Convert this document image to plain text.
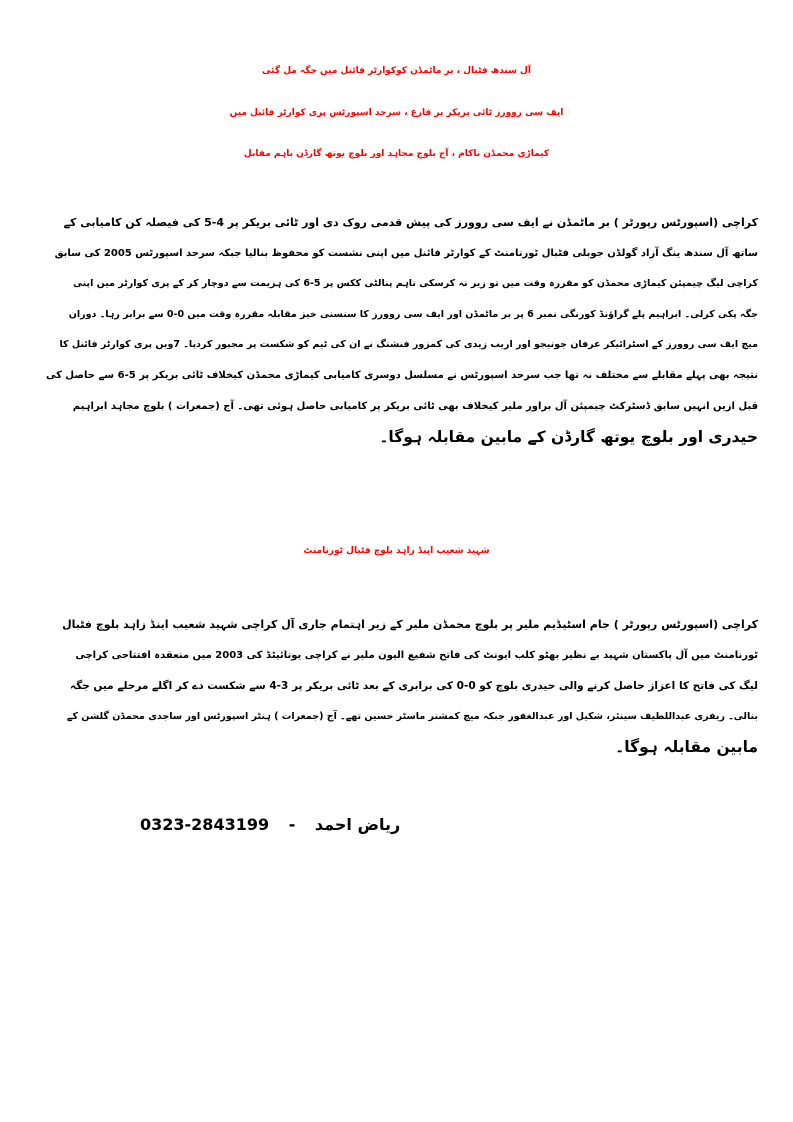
آل سندھ فٹبال ، بر ماٹمڈن کوکوارٹر فائنل میں جگہ مل گئی
ایف سی روورز ٹائی بریکر پر فارغ ، سرحد اسپورٹس پری کوارٹر فائنل میں
کیماڑی محمڈن ناکام ، آج بلوچ مجاہد اور بلوچ یوتھ گارڈن باہم مقابل
کراچی (اسپورٹس رپورٹر ) بر ماٹمڈن نے ایف سی روورز کی پیش قدمی روک دی اور ٹائی بریکر پر 4-5 کی فیصلہ کن کامیابی کے
ساتھ آل سندھ ینگ آزاد گولڈن جوبلی فٹبال ٹورنامنٹ کے کوارٹر فائنل میں اپنی نشست کو محفوظ بنالیا جبکہ سرحد اسپورٹس 2005 کی سابق
کراچی لیگ چیمپئن کیماڑی محمڈن کو مقررہ وقت میں تو زیر نہ کرسکی تاہم پنالٹی ککس پر 5-6 کی ہزیمت سے دوچار کر کے پری کوارٹر میں اپنی
جگہ پکی کرلی۔ ابراہیم پلے گراؤنڈ کورنگی نمبر 6 پر بر ماٹمڈن اور ایف سی روورز کا سنسنی خیز مقابلہ مقررہ وقت میں 0-0 سے برابر رہا۔ دوران
میچ ایف سی روورز کے اسٹرائیکر عرفان جونیجو اور اریب زیدی کی کمزور فنشنگ نے ان کی ٹیم کو شکست پر مجبور کردیا۔ 7ویں پری کوارٹر فائنل کا
نتیجہ بھی پہلے مقابلے سے مختلف نہ تھا جب سرحد اسپورٹس نے مسلسل دوسری کامیابی کیماڑی محمڈن کیخلاف ٹائی بریکر پر 5-6 سے حاصل کی
قبل ازیں انہیں سابق ڈسٹرکٹ چیمپئن آل براور ملیر کیخلاف بھی ٹائی بریکر پر کامیابی حاصل ہوئی تھی۔ آج (جمعرات ) بلوچ مجاہد ابراہیم
حیدری اور بلوچ یوتھ گارڈن کے مابین مقابلہ ہوگا۔
شہید شعیب اینڈ زاہد بلوچ فٹبال ٹورنامنٹ
کراچی (اسپورٹس رپورٹر ) جام اسٹیڈیم ملیر پر بلوچ محمڈن ملیر کے زیر اہتمام جاری آل کراچی شہید شعیب اینڈ زاہد بلوچ فٹبال
ٹورنامنٹ میں آل پاکستان شہید بے نظیر بھٹو کلب ایونٹ کی فاتح شفیع الیون ملیر نے کراچی یونائیٹڈ کی 2003 میں منعقدہ افتتاحی کراچی
لیگ کی فاتح کا اعزاز حاصل کرنے والی حیدری بلوچ کو 0-0 کی برابری کے بعد ٹائی بریکر پر 3-4 سے شکست دے کر اگلے مرحلے میں جگہ
بنالی۔ ریفری عبداللطیف سینئر، شکیل اور عبدالغفور جبکہ میچ کمشنر ماسٹر حسین تھے۔ آج (جمعرات ) ہنٹر اسپورٹس اور ساجدی محمڈن گلشن کے
مابین مقابلہ ہوگا۔
0323-2843199 - ریاض احمد
